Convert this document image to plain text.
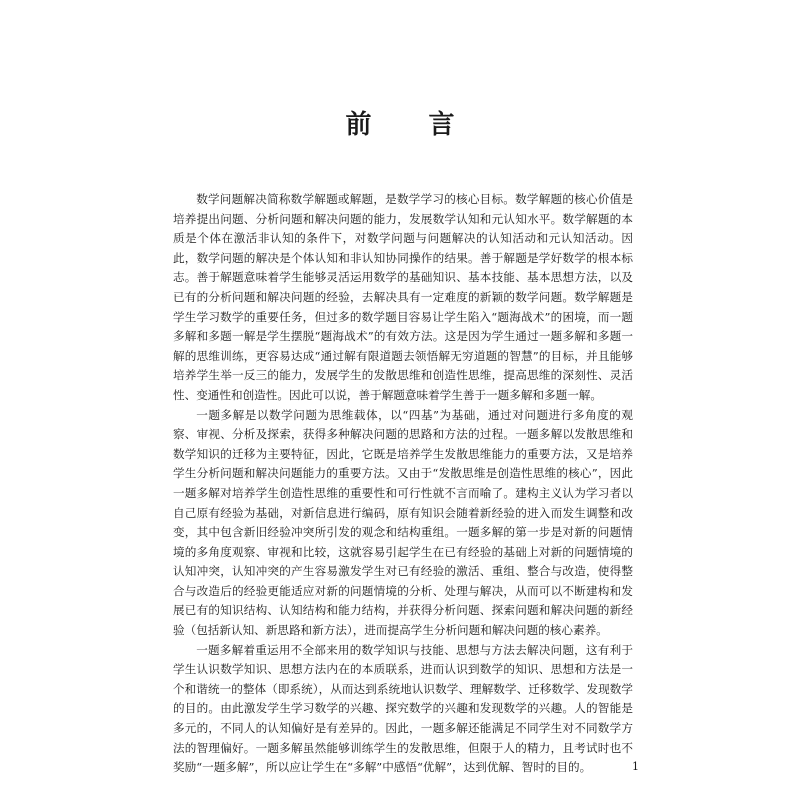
前 言

数学问题解决简称数学解题或解题，是数学学习的核心目标。数学解题的核心价值是培养提出问题、分析问题和解决问题的能力，发展数学认知和元认知水平。数学解题的本质是个体在激活非认知的条件下，对数学问题与问题解决的认知活动和元认知活动。因此，数学问题的解决是个体认知和非认知协同操作的结果。善于解题是学好数学的根本标志。善于解题意味着学生能够灵活运用数学的基础知识、基本技能、基本思想方法，以及已有的分析问题和解决问题的经验，去解决具有一定难度的新颖的数学问题。数学解题是学生学习数学的重要任务，但过多的数学题目容易让学生陷入“题海战术”的困境，而一题多解和多题一解是学生摆脱“题海战术”的有效方法。这是因为学生通过一题多解和多题一解的思维训练，更容易达成“通过解有限道题去领悟解无穷道题的智慧”的目标，并且能够培养学生举一反三的能力，发展学生的发散思维和创造性思维，提高思维的深刻性、灵活性、变通性和创造性。因此可以说，善于解题意味着学生善于一题多解和多题一解。

一题多解是以数学问题为思维载体，以“四基”为基础，通过对问题进行多角度的观察、审视、分析及探索，获得多种解决问题的思路和方法的过程。一题多解以发散思维和数学知识的迁移为主要特征，因此，它既是培养学生发散思维能力的重要方法，又是培养学生分析问题和解决问题能力的重要方法。又由于“发散思维是创造性思维的核心”，因此一题多解对培养学生创造性思维的重要性和可行性就不言而喻了。建构主义认为学习者以自己原有经验为基础，对新信息进行编码，原有知识会随着新经验的进入而发生调整和改变，其中包含新旧经验冲突所引发的观念和结构重组。一题多解的第一步是对新的问题情境的多角度观察、审视和比较，这就容易引起学生在已有经验的基础上对新的问题情境的认知冲突，认知冲突的产生容易激发学生对已有经验的激活、重组、整合与改造，使得整合与改造后的经验更能适应对新的问题情境的分析、处理与解决，从而可以不断建构和发展已有的知识结构、认知结构和能力结构，并获得分析问题、探索问题和解决问题的新经验（包括新认知、新思路和新方法），进而提高学生分析问题和解决问题的核心素养。

一题多解着重运用不全部来用的数学知识与技能、思想与方法去解决问题，这有利于学生认识数学知识、思想方法内在的本质联系，进而认识到数学的知识、思想和方法是一个和谐统一的整体（即系统），从而达到系统地认识数学、理解数学、迁移数学、发现数学的目的。由此激发学生学习数学的兴趣、探究数学的兴趣和发现数学的兴趣。人的智能是多元的，不同人的认知偏好是有差异的。因此，一题多解还能满足不同学生对不同数学方法的智理偏好。一题多解虽然能够训练学生的发散思维，但限于人的精力，且考试时也不奖励“一题多解”，所以应让学生在“多解”中感悟“优解”，达到优解、智时的目的。	1
